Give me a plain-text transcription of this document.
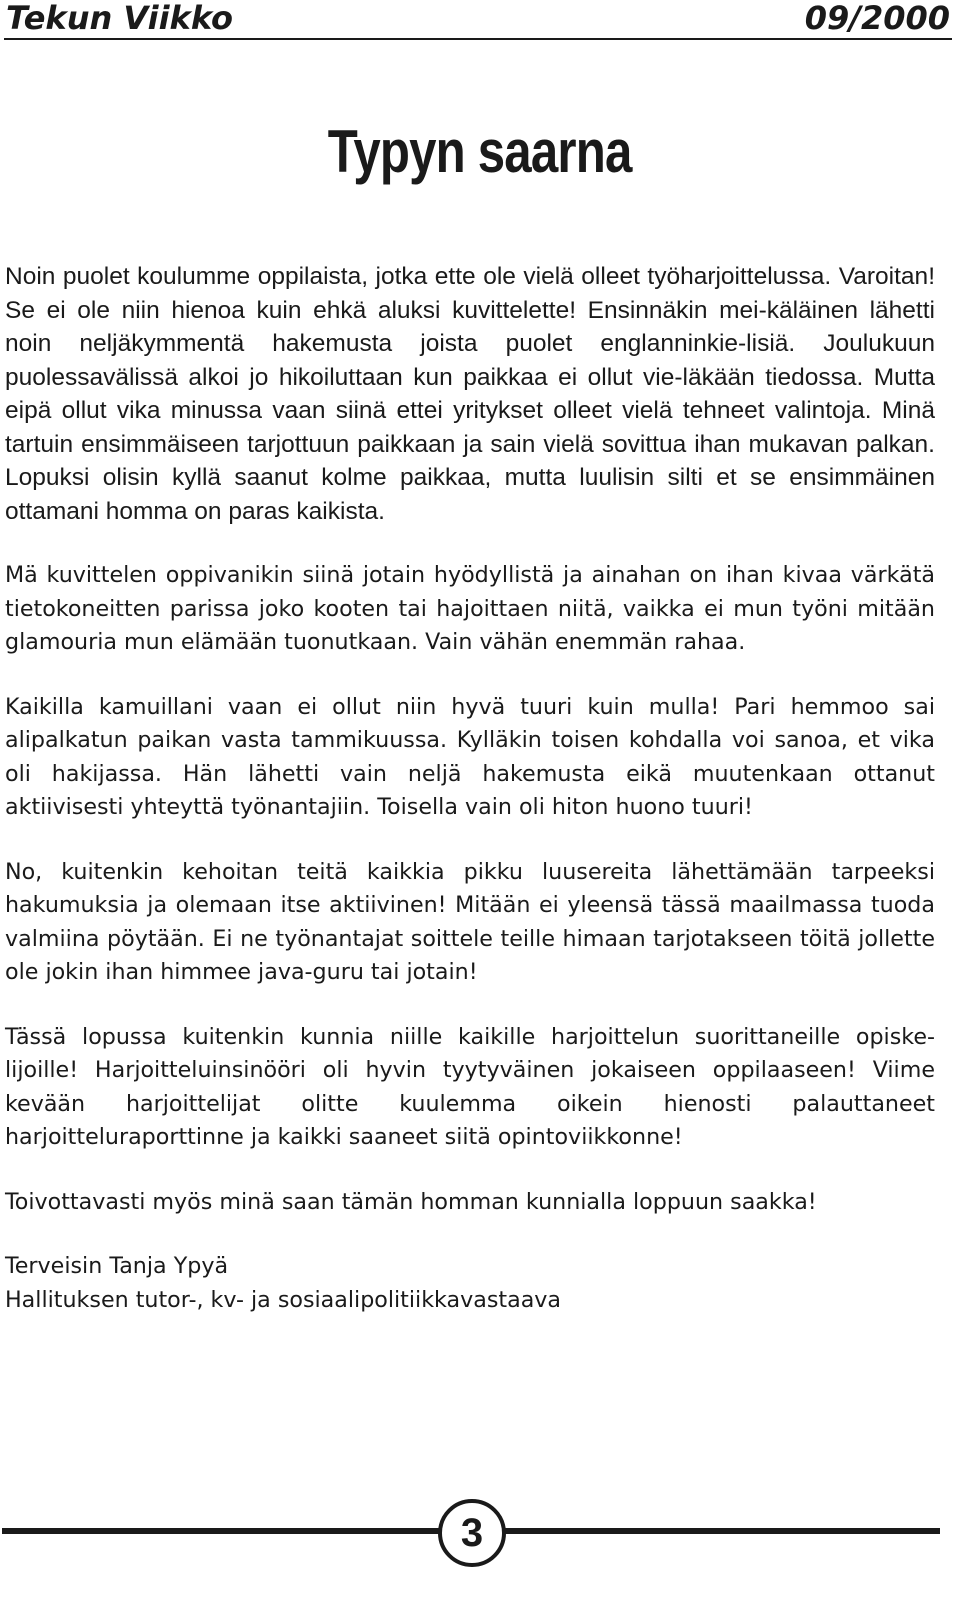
Tekun Viikko	09/2000
Typyn saarna

Noin puolet koulumme oppilaista, jotka ette ole vielä olleet työharjoittelussa. Varoitan! Se ei ole niin hienoa kuin ehkä aluksi kuvittelette! Ensinnäkin mei-käläinen lähetti noin neljäkymmentä hakemusta joista puolet englanninkie-lisiä. Joulukuun puolessavälissä alkoi jo hikoiluttaan kun paikkaa ei ollut vie-läkään tiedossa. Mutta eipä ollut vika minussa vaan siinä ettei yritykset olleet vielä tehneet valintoja. Minä tartuin ensimmäiseen tarjottuun paikkaan ja sain vielä sovittua ihan mukavan palkan. Lopuksi olisin kyllä saanut kolme paikkaa, mutta luulisin silti et se ensimmäinen ottamani homma on paras kaikista.

Mä kuvittelen oppivanikin siinä jotain hyödyllistä ja ainahan on ihan kivaa värkätä tietokoneitten parissa joko kooten tai hajoittaen niitä, vaikka ei mun työni mitään glamouria mun elämään tuonutkaan. Vain vähän enemmän rahaa.

Kaikilla kamuillani vaan ei ollut niin hyvä tuuri kuin mulla! Pari hemmoo sai alipalkatun paikan vasta tammikuussa. Kylläkin toisen kohdalla voi sanoa, et vika oli hakijassa. Hän lähetti vain neljä hakemusta eikä muutenkaan ottanut aktiivisesti yhteyttä työnantajiin. Toisella vain oli hiton huono tuuri!

No, kuitenkin kehoitan teitä kaikkia pikku luusereita lähettämään tarpeeksi hakumuksia ja olemaan itse aktiivinen! Mitään ei yleensä tässä maailmassa tuoda valmiina pöytään. Ei ne työnantajat soittele teille himaan tarjotakseen töitä jollette ole jokin ihan himmee java-guru tai jotain!

Tässä lopussa kuitenkin kunnia niille kaikille harjoittelun suorittaneille opiske-lijoille! Harjoitteluinsinööri oli hyvin tyytyväinen jokaiseen oppilaaseen! Viime kevään harjoittelijat olitte kuulemma oikein hienosti palauttaneet harjoitteluraporttinne ja kaikki saaneet siitä opintoviikkonne!

Toivottavasti myös minä saan tämän homman kunnialla loppuun saakka!

Terveisin Tanja Ypyä

Hallituksen tutor-, kv- ja sosiaalipolitiikkavastaava

3
